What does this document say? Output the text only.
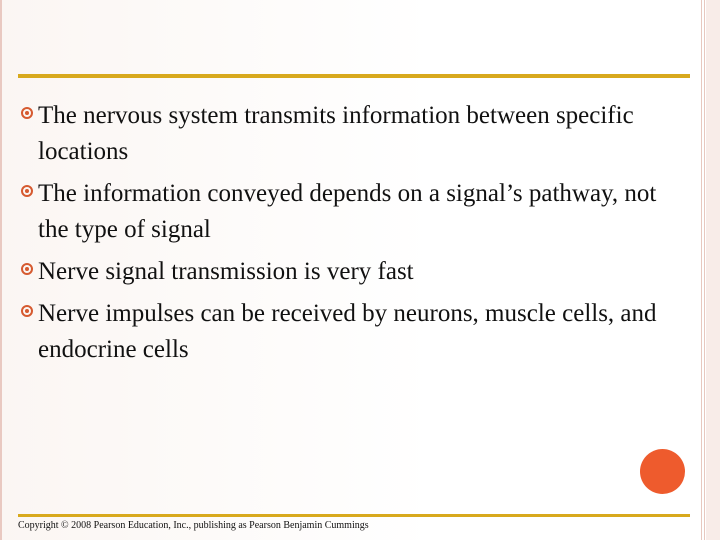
The nervous system transmits information between specific locations
The information conveyed depends on a signal’s pathway, not the type of signal
Nerve signal transmission is very fast
Nerve impulses can be received by neurons, muscle cells, and endocrine cells
Copyright © 2008 Pearson Education, Inc., publishing as Pearson Benjamin Cummings
